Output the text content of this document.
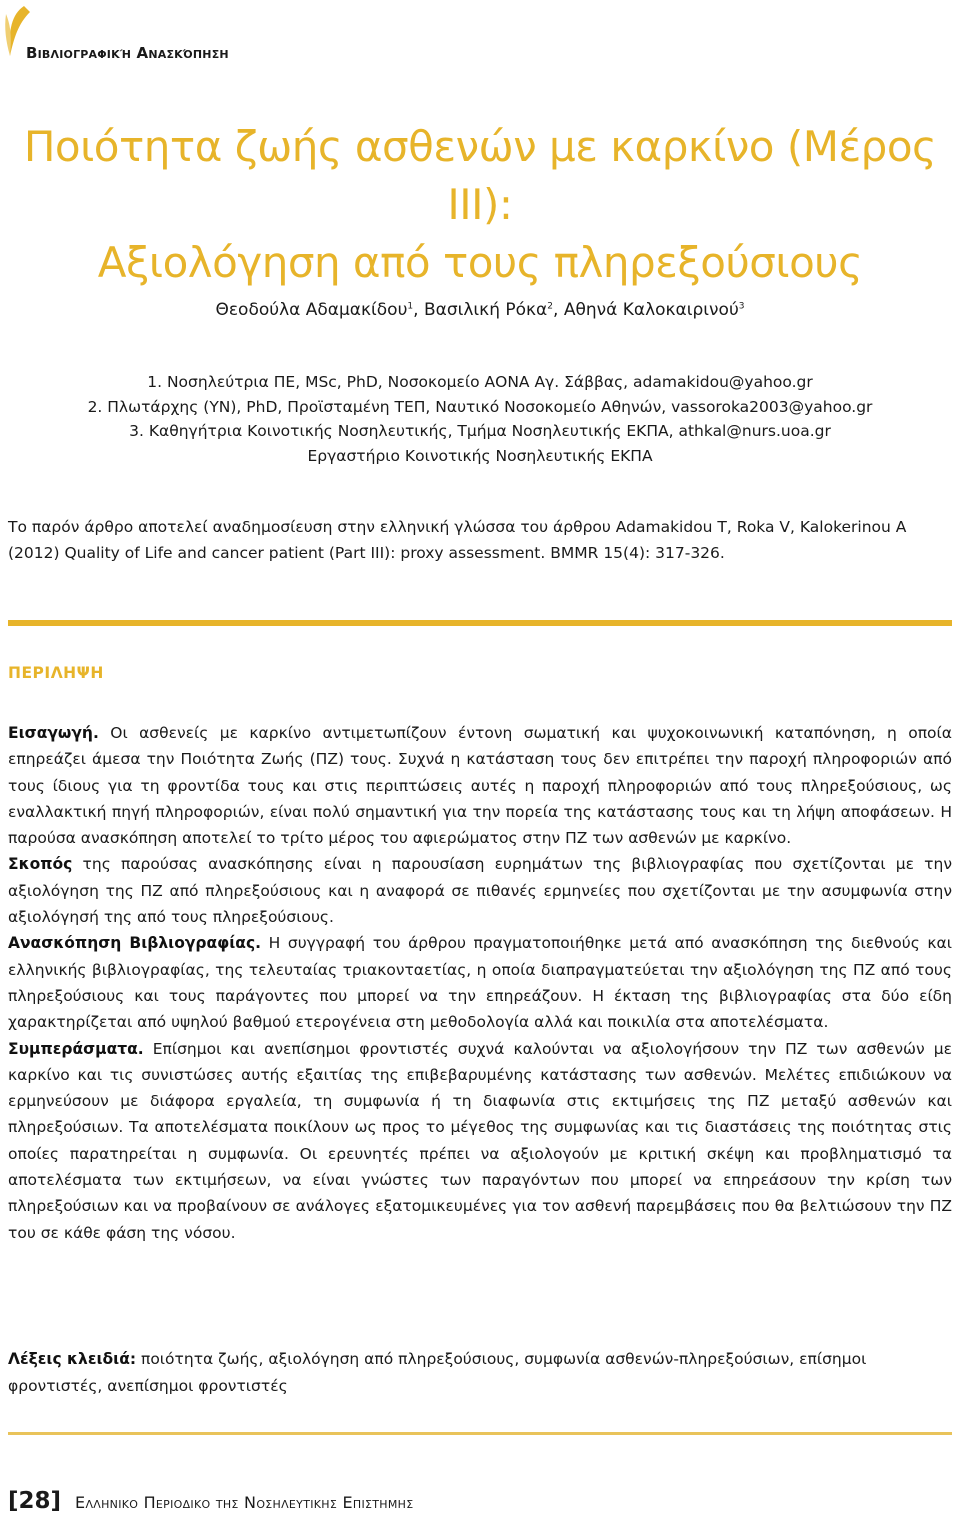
Βιβλιογραφική Ανασκόπηση
Ποιότητα ζωής ασθενών με καρκίνο (Μέρος ΙΙΙ):
Αξιολόγηση από τους πληρεξούσιους
Θεοδούλα Αδαμακίδου$^1$, Βασιλική Ρόκα$^2$, Αθηνά Καλοκαιρινού$^3$
1. Νοσηλεύτρια ΠΕ, MSc, PhD, Νοσοκομείο ΑΟΝΑ Αγ. Σάββας, adamakidou@yahoo.gr
2. Πλωτάρχης (ΥΝ), PhD, Προϊσταμένη ΤΕΠ, Ναυτικό Νοσοκομείο Αθηνών, vassoroka2003@yahoo.gr
3. Καθηγήτρια Κοινοτικής Νοσηλευτικής, Τμήμα Νοσηλευτικής ΕΚΠΑ, athkal@nurs.uoa.gr
Εργαστήριο Κοινοτικής Νοσηλευτικής ΕΚΠΑ
Το παρόν άρθρο αποτελεί αναδημοσίευση στην ελληνική γλώσσα του άρθρου Adamakidou T, Roka V, Kalokerinou A (2012) Quality of Life and cancer patient (Part III): proxy assessment. BMMR 15(4): 317-326.
ΠΕΡΙΛΗΨΗ

Εισαγωγή. Οι ασθενείς με καρκίνο αντιμετωπίζουν έντονη σωματική και ψυχοκοινωνική καταπόνηση, η οποία επηρεάζει άμεσα την Ποιότητα Ζωής (ΠΖ) τους. Συχνά η κατάσταση τους δεν επιτρέπει την παροχή πληροφοριών από τους ίδιους για τη φροντίδα τους και στις περιπτώσεις αυτές η παροχή πληροφοριών από τους πληρεξούσιους, ως εναλλακτική πηγή πληροφοριών, είναι πολύ σημαντική για την πορεία της κατάστασης τους και τη λήψη αποφάσεων. Η παρούσα ανασκόπηση αποτελεί το τρίτο μέρος του αφιερώματος στην ΠΖ των ασθενών με καρκίνο.

Σκοπός της παρούσας ανασκόπησης είναι η παρουσίαση ευρημάτων της βιβλιογραφίας που σχετίζονται με την αξιολόγηση της ΠΖ από πληρεξούσιους και η αναφορά σε πιθανές ερμηνείες που σχετίζονται με την ασυμφωνία στην αξιολόγησή της από τους πληρεξούσιους.

Ανασκόπηση Βιβλιογραφίας. Η συγγραφή του άρθρου πραγματοποιήθηκε μετά από ανασκόπηση της διεθνούς και ελληνικής βιβλιογραφίας, της τελευταίας τριακονταετίας, η οποία διαπραγματεύεται την αξιολόγηση της ΠΖ από τους πληρεξούσιους και τους παράγοντες που μπορεί να την επηρεάζουν. Η έκταση της βιβλιογραφίας στα δύο είδη χαρακτηρίζεται από υψηλού βαθμού ετερογένεια στη μεθοδολογία αλλά και ποικιλία στα αποτελέσματα.

Συμπεράσματα. Επίσημοι και ανεπίσημοι φροντιστές συχνά καλούνται να αξιολογήσουν την ΠΖ των ασθενών με καρκίνο και τις συνιστώσες αυτής εξαιτίας της επιβεβαρυμένης κατάστασης των ασθενών. Μελέτες επιδιώκουν να ερμηνεύσουν με διάφορα εργαλεία, τη συμφωνία ή τη διαφωνία στις εκτιμήσεις της ΠΖ μεταξύ ασθενών και πληρεξούσιων. Τα αποτελέσματα ποικίλουν ως προς το μέγεθος της συμφωνίας και τις διαστάσεις της ποιότητας στις οποίες παρατηρείται η συμφωνία. Οι ερευνητές πρέπει να αξιολογούν με κριτική σκέψη και προβληματισμό τα αποτελέσματα των εκτιμήσεων, να είναι γνώστες των παραγόντων που μπορεί να επηρεάσουν την κρίση των πληρεξούσιων και να προβαίνουν σε ανάλογες εξατομικευμένες για τον ασθενή παρεμβάσεις που θα βελτιώσουν την ΠΖ του σε κάθε φάση της νόσου.

Λέξεις κλειδιά: ποιότητα ζωής, αξιολόγηση από πληρεξούσιους, συμφωνία ασθενών-πληρεξούσιων, επίσημοι φροντιστές, ανεπίσημοι φροντιστές
[28] Ελληνικο Περιοδικο της Νοσηλευτικης Επιστημης
